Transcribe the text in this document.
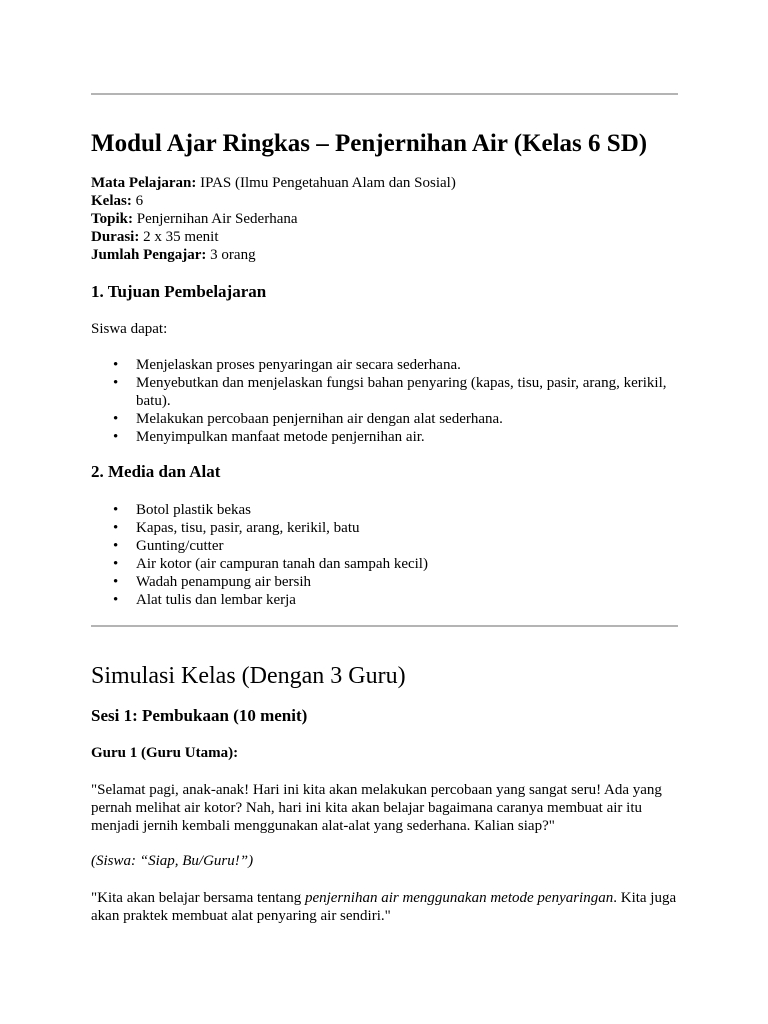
Modul Ajar Ringkas – Penjernihan Air (Kelas 6 SD)
Mata Pelajaran: IPAS (Ilmu Pengetahuan Alam dan Sosial)
Kelas: 6
Topik: Penjernihan Air Sederhana
Durasi: 2 x 35 menit
Jumlah Pengajar: 3 orang
1. Tujuan Pembelajaran

Siswa dapat:

• Menjelaskan proses penyaringan air secara sederhana.
• Menyebutkan dan menjelaskan fungsi bahan penyaring (kapas, tisu, pasir, arang, kerikil, batu).
• Melakukan percobaan penjernihan air dengan alat sederhana.
• Menyimpulkan manfaat metode penjernihan air.
2. Media dan Alat
• Botol plastik bekas
• Kapas, tisu, pasir, arang, kerikil, batu
• Gunting/cutter
• Air kotor (air campuran tanah dan sampah kecil)
• Wadah penampung air bersih
• Alat tulis dan lembar kerja
Simulasi Kelas (Dengan 3 Guru)
Sesi 1: Pembukaan (10 menit)
Guru 1 (Guru Utama):

"Selamat pagi, anak-anak! Hari ini kita akan melakukan percobaan yang sangat seru! Ada yang pernah melihat air kotor? Nah, hari ini kita akan belajar bagaimana caranya membuat air itu menjadi jernih kembali menggunakan alat-alat yang sederhana. Kalian siap?"

(Siswa: “Siap, Bu/Guru!”)

"Kita akan belajar bersama tentang penjernihan air menggunakan metode penyaringan. Kita juga akan praktek membuat alat penyaring air sendiri."
